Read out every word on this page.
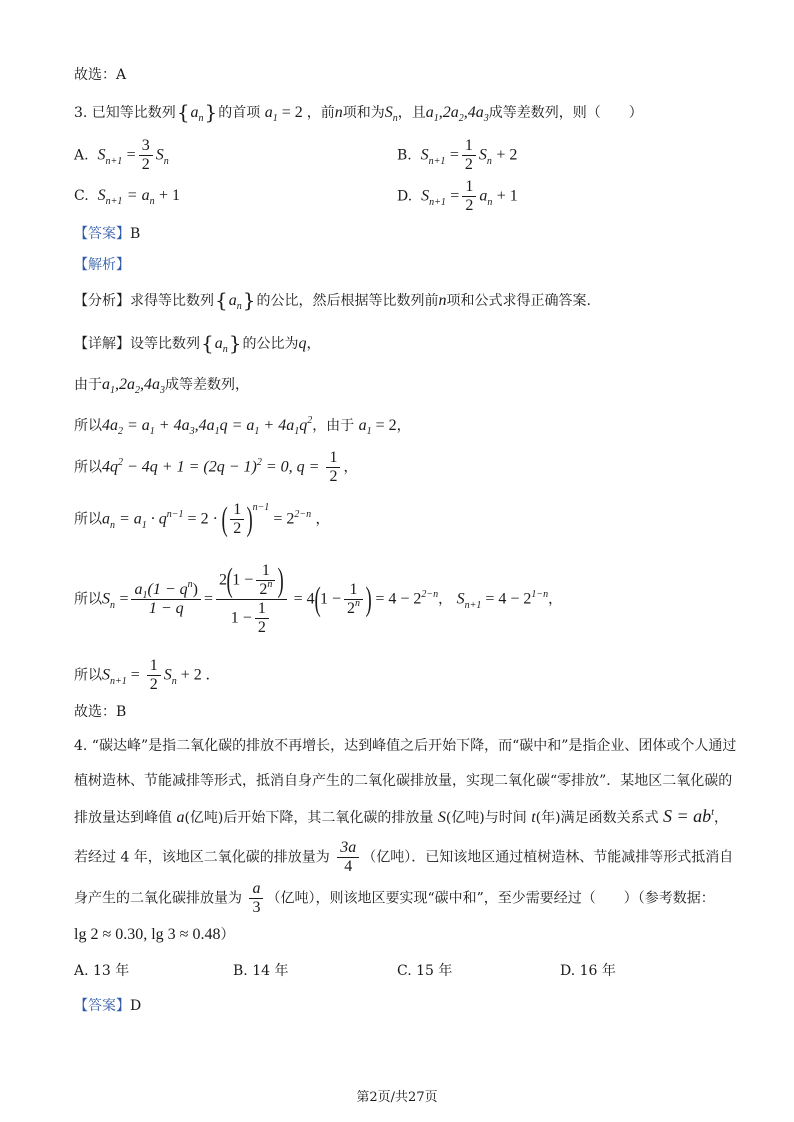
故选：A
3. 已知等比数列$\{a_n\}$的首项 $a_1 = 2$ ，前n项和为$S_n$，且$a_1,2a_2,4a_3$成等差数列，则（　　）
A. $S_{n+1} = \frac{3}{2} S_n$	B. $S_{n+1} = \frac{1}{2} S_n + 2$
C. $S_{n+1} = a_n + 1$	D. $S_{n+1} = \frac{1}{2} a_n + 1$
【答案】B
【解析】
【分析】求得等比数列$\{a_n\}$的公比，然后根据等比数列前n项和公式求得正确答案.
【详解】设等比数列$\{a_n\}$的公比为q，
由于$a_1,2a_2,4a_3$成等差数列，
所以$4a_2 = a_1 + 4a_3,4a_1q = a_1 + 4a_1q^2$，由于 $a_1 = 2$，
所以$4q^2 - 4q + 1 = (2q - 1)^2 = 0$, $q = \frac{1}{2}$ ，
所以$a_n = a_1 \cdot q^{n-1} = 2$ · ( $\frac{1}{2} )^{n-1} = 2^{2-n}$ ，
所以$S_n = \frac{a_1(1 - q^n)}{1 - q} = \frac{2(1 - \frac{1}{2^n} )}{1 - \frac{1}{2}} = 4(1 - \frac{1}{2^n}$ ) = $4 - 2^{2-n}$， $S_{n+1} = 4 - 2^{1-n}$，
所以$S_{n+1} = \frac{1}{2} S_n + 2$ .
故选：B
4. “碳达峰”是指二氧化碳的排放不再增长，达到峰值之后开始下降，而“碳中和”是指企业、团体或个人通过
植树造林、节能减排等形式，抵消自身产生的二氧化碳排放量，实现二氧化碳“零排放”．某地区二氧化碳的
排放量达到峰值 a(亿吨)后开始下降，其二氧化碳的排放量 S(亿吨)与时间 t(年)满足函数关系式 $S = ab^t$，
若经过 4 年，该地区二氧化碳的排放量为 $\frac{3a}{4}$ （亿吨）．已知该地区通过植树造林、节能减排等形式抵消自
身产生的二氧化碳排放量为 $\frac{a}{3}$ （亿吨），则该地区要实现“碳中和”，至少需要经过（　　）（参考数据：
lg 2 ≈ 0.30, lg 3 ≈ 0.48）
A. 13 年	B. 14 年	C. 15 年	D. 16 年
【答案】D
第2页/共27页
